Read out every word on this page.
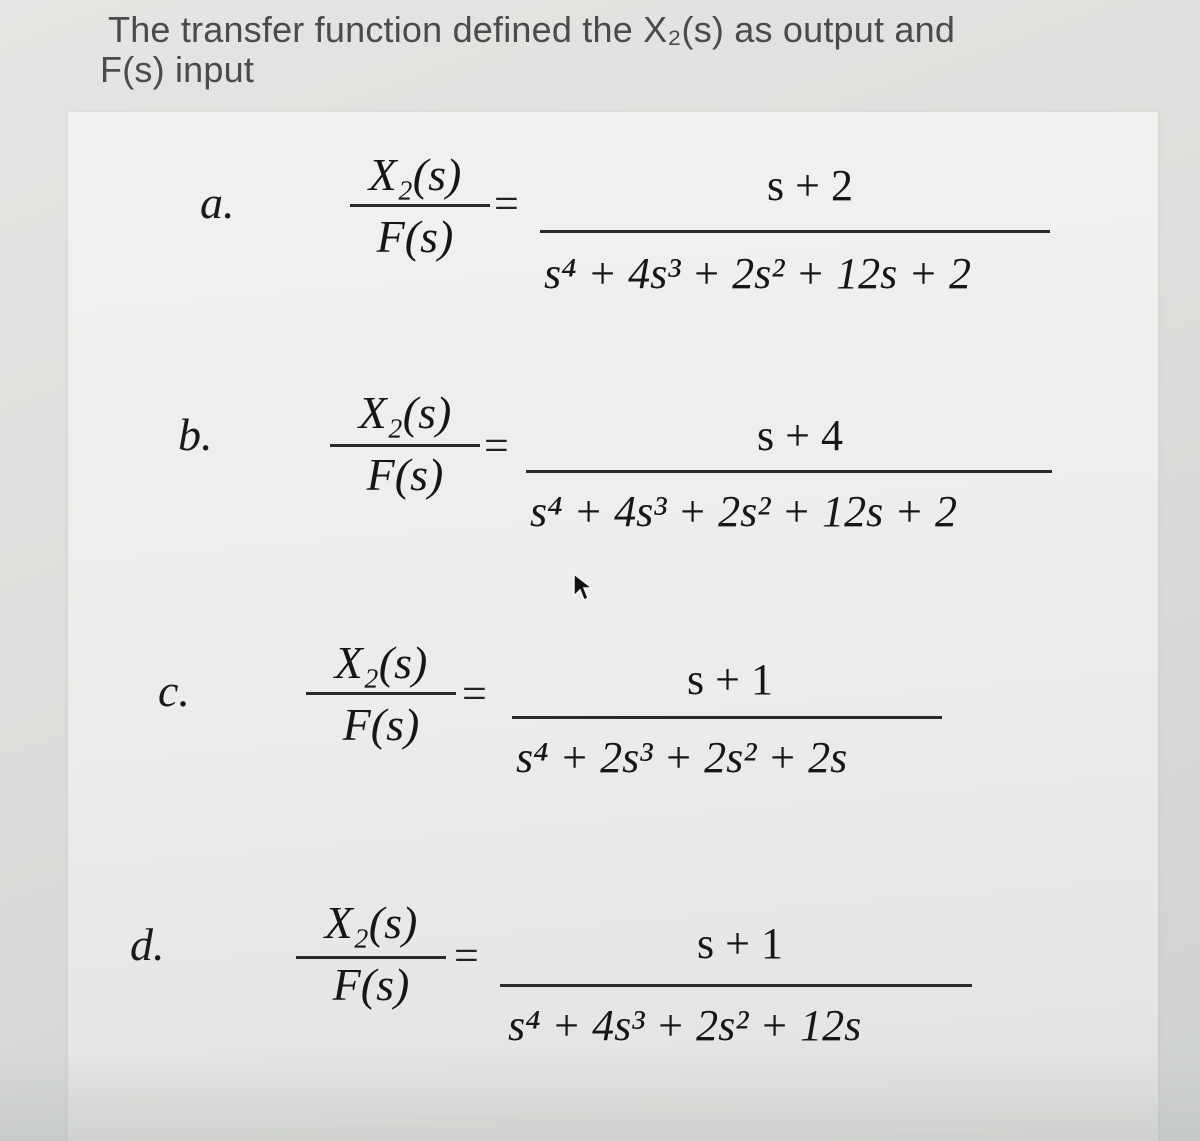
The transfer function defined the X₂(s) as output and
F(s) input
a.
X₂(s)
F(s)
=	s + 2
s⁴ + 4s³ + 2s² + 12s + 2
b.	X₂(s)
F(s)
=	s + 4
s⁴ + 4s³ + 2s² + 12s + 2
c.
X₂(s)
F(s)
=	s + 1
s⁴ + 2s³ + 2s² + 2s
d.	X₂(s)
F(s)
=	s + 1
s⁴ + 4s³ + 2s² + 12s
